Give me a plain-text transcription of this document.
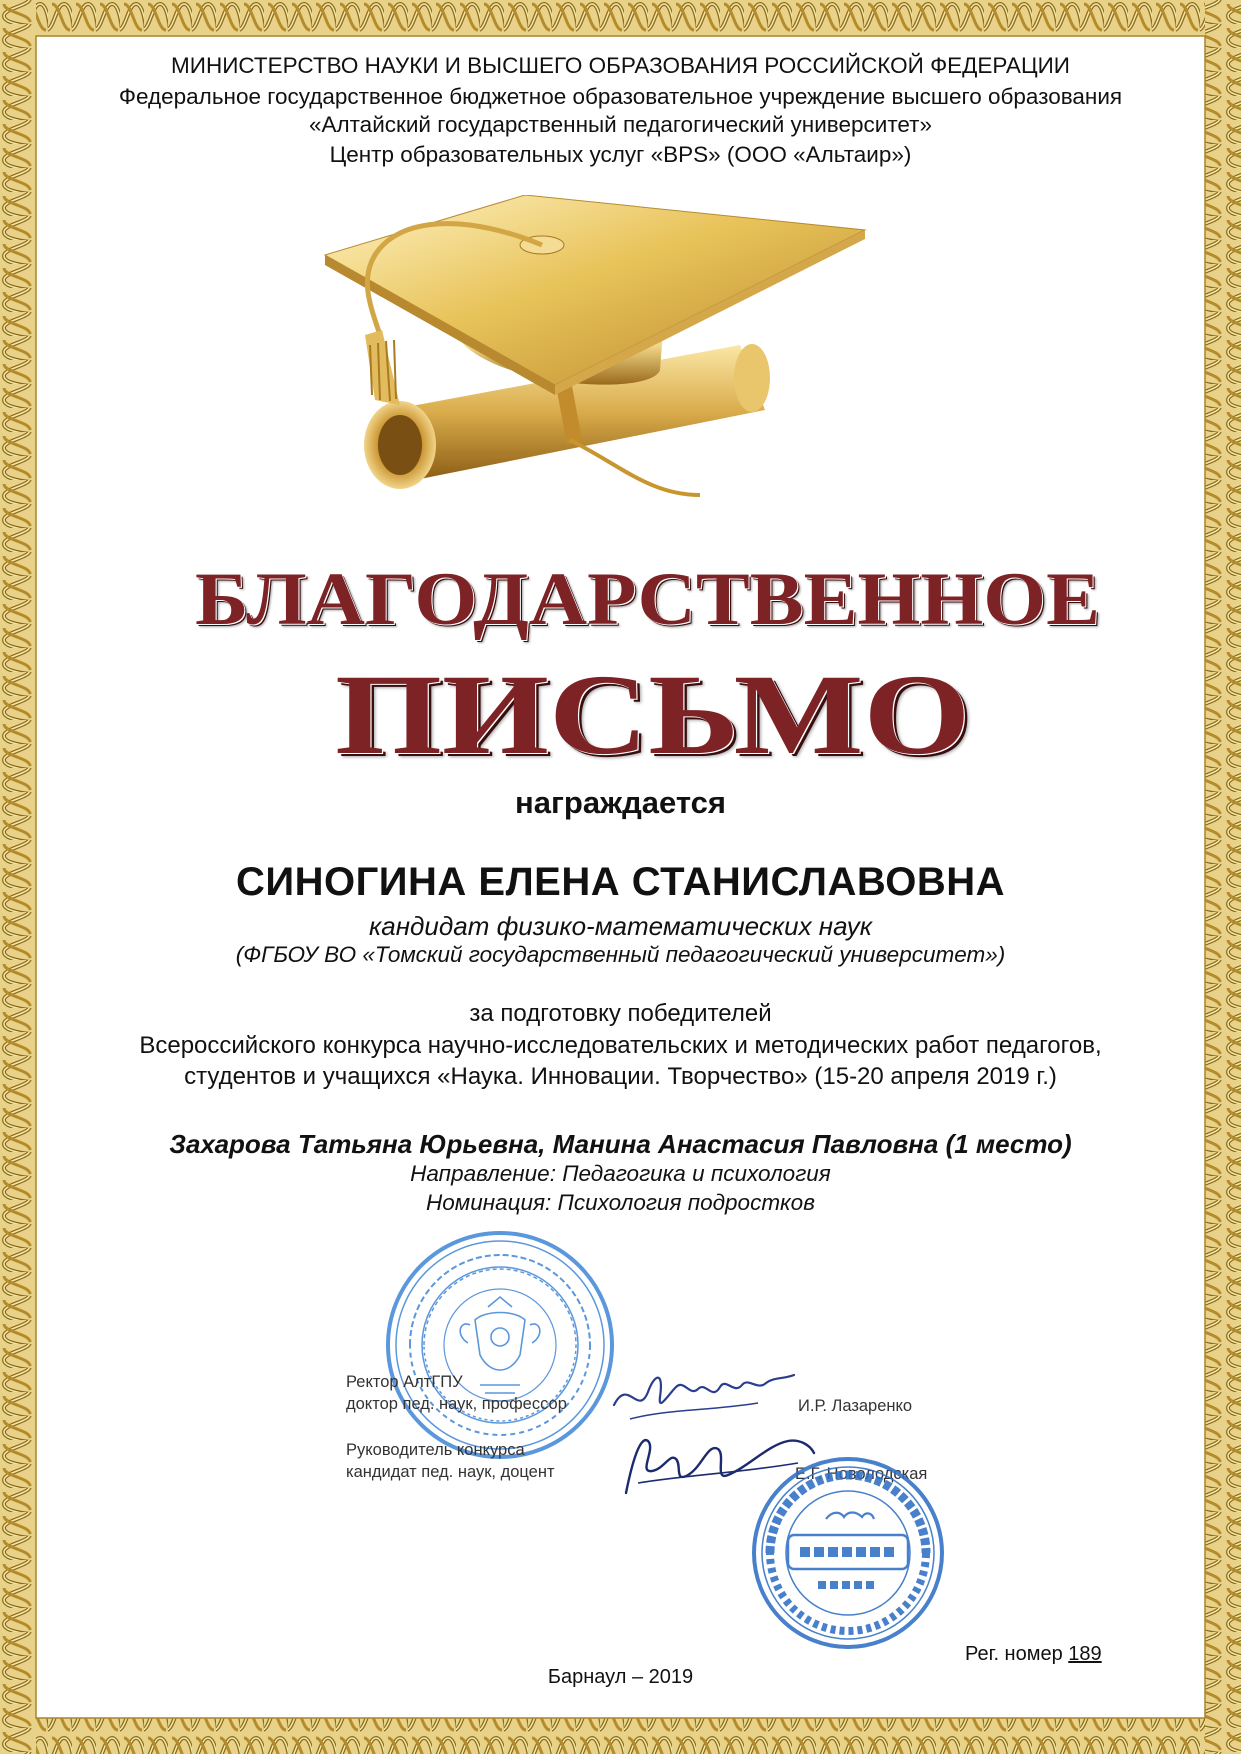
МИНИСТЕРСТВО НАУКИ И ВЫСШЕГО ОБРАЗОВАНИЯ РОССИЙСКОЙ ФЕДЕРАЦИИ
Федеральное государственное бюджетное образовательное учреждение высшего образования
«Алтайский государственный педагогический университет»
Центр образовательных услуг «BPS» (ООО «Альтаир»)
БЛАГОДАРСТВЕННОЕ
ПИСЬМО
награждается
СИНОГИНА ЕЛЕНА СТАНИСЛАВОВНА
кандидат физико-математических наук
(ФГБОУ ВО «Томский государственный педагогический университет»)
за подготовку победителей
Всероссийского конкурса научно-исследовательских и методических работ педагогов,
студентов и учащихся «Наука. Инновации. Творчество» (15-20 апреля 2019 г.)
Захарова Татьяна Юрьевна, Манина Анастасия Павловна (1 место)
Направление: Педагогика и психология
Номинация: Психология подростков
Ректор АлтГПУ
доктор пед. наук, профессор	И.Р. Лазаренко
Руководитель конкурса
кандидат пед. наук, доцент	Е.Г. Новолодская
Рег. номер 189
Барнаул – 2019
